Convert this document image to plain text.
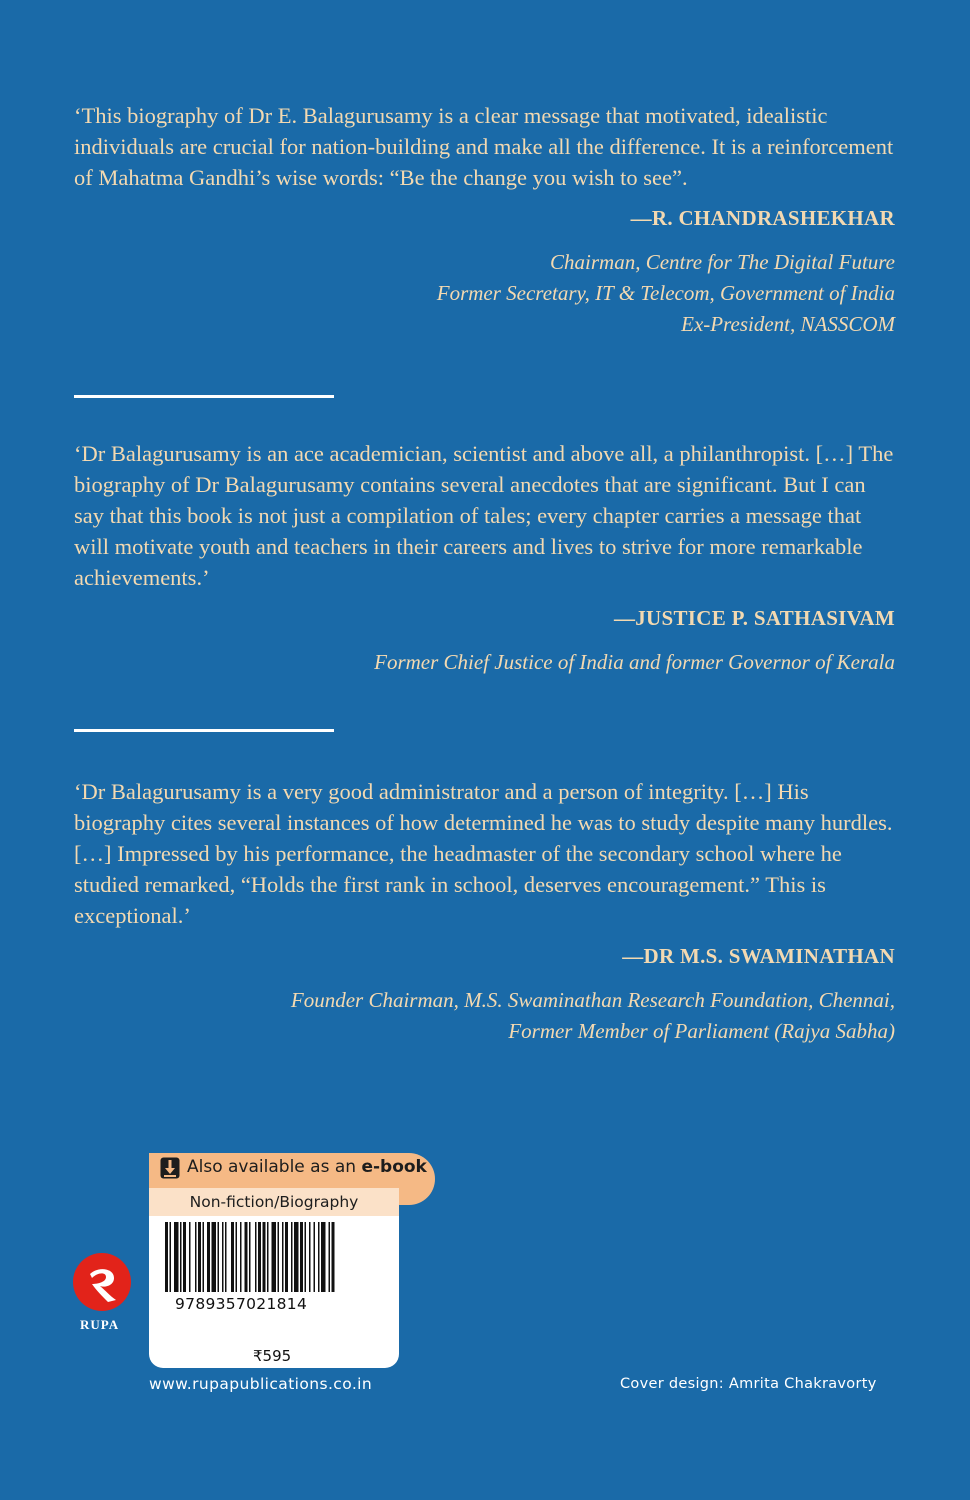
‘This biography of Dr E. Balagurusamy is a clear message that motivated, idealistic individuals are crucial for nation-building and make all the difference. It is a reinforcement of Mahatma Gandhi’s wise words: “Be the change you wish to see”.
—R. CHANDRASHEKHAR
Chairman, Centre for The Digital Future
Former Secretary, IT & Telecom, Government of India
Ex-President, NASSCOM
‘Dr Balagurusamy is an ace academician, scientist and above all, a philanthropist. […] The biography of Dr Balagurusamy contains several anecdotes that are significant. But I can say that this book is not just a compilation of tales; every chapter carries a message that will motivate youth and teachers in their careers and lives to strive for more remarkable achievements.’
—JUSTICE P. SATHASIVAM
Former Chief Justice of India and former Governor of Kerala
‘Dr Balagurusamy is a very good administrator and a person of integrity. […] His biography cites several instances of how determined he was to study despite many hurdles. […] Impressed by his performance, the headmaster of the secondary school where he studied remarked, “Holds the first rank in school, deserves encouragement.” This is exceptional.’
—DR M.S. SWAMINATHAN
Founder Chairman, M.S. Swaminathan Research Foundation, Chennai,
Former Member of Parliament (Rajya Sabha)
Also available as an e-book
Non-fiction/Biography
9789357021814
₹595
RUPA
www.rupapublications.co.in	Cover design: Amrita Chakravorty
